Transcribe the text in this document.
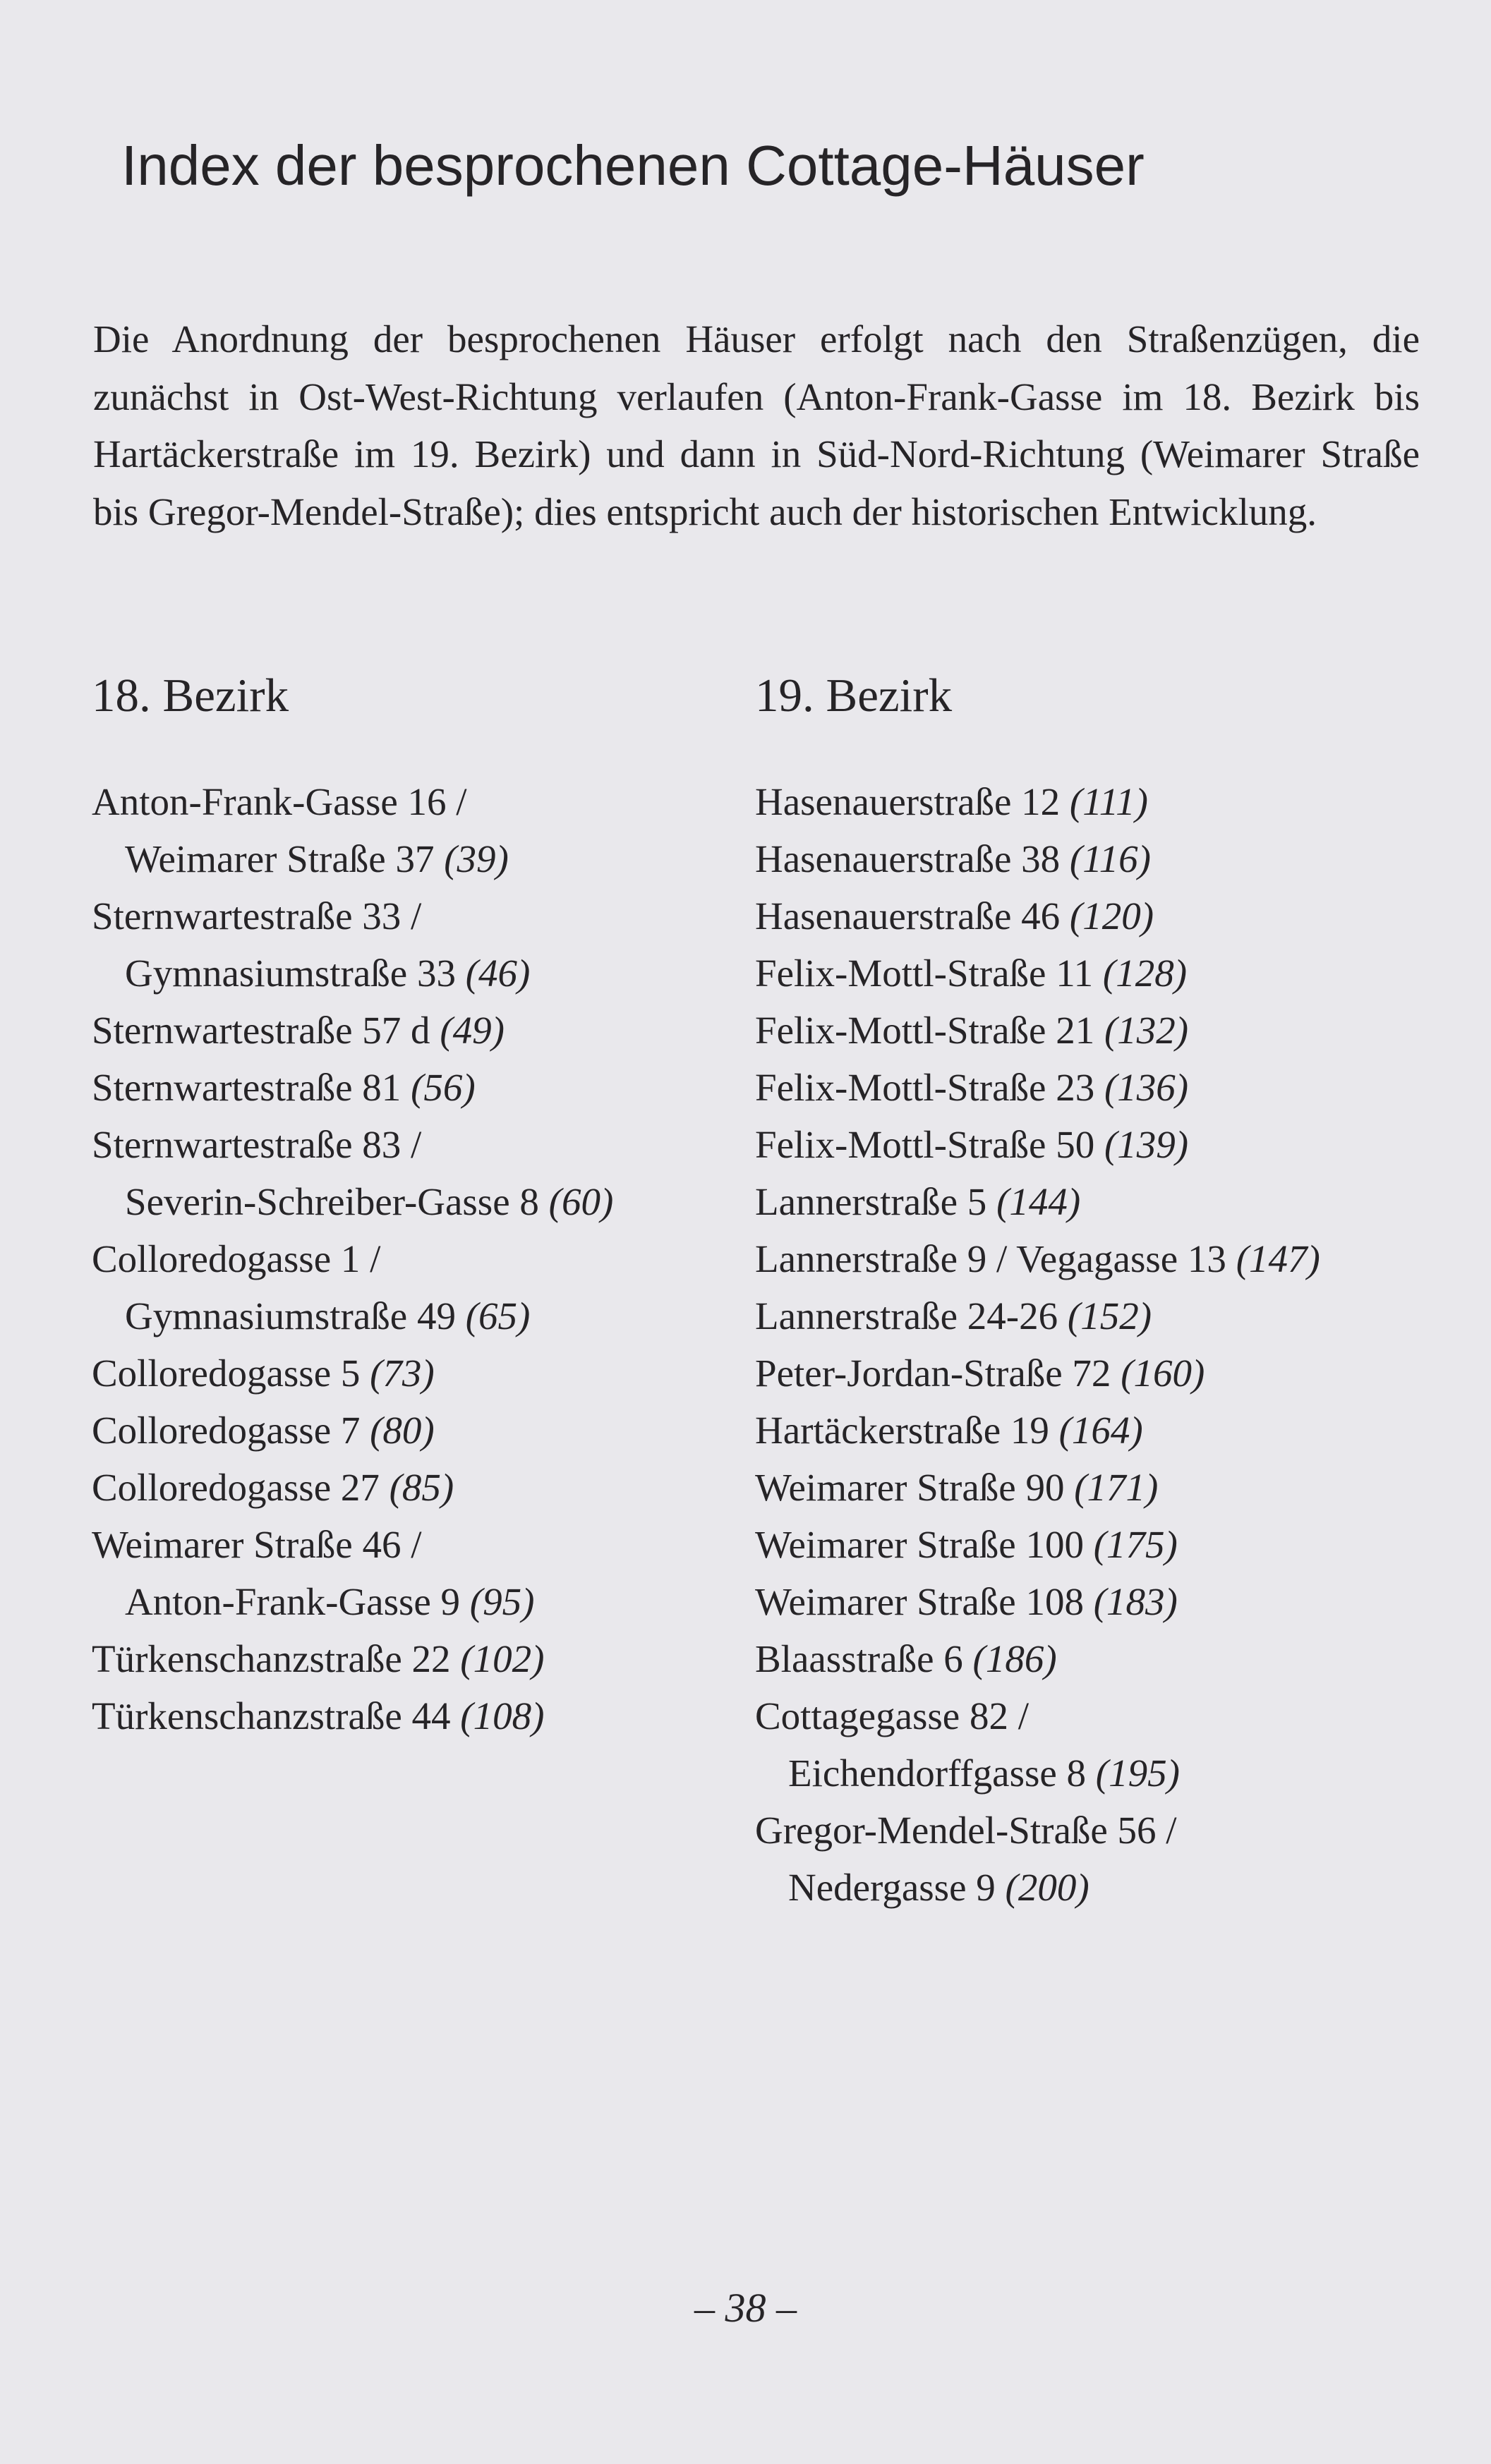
Index der besprochenen Cottage-Häuser

Die Anordnung der besprochenen Häuser erfolgt nach den Straßenzügen, die zunächst in Ost-West-Richtung verlaufen (Anton-Frank-Gasse im 18. Bezirk bis Hartäckerstraße im 19. Bezirk) und dann in Süd-Nord-Richtung (Weimarer Straße bis Gregor-Mendel-Straße); dies entspricht auch der historischen Entwicklung.

18. Bezirk
Anton-Frank-Gasse 16 /
Weimarer Straße 37 (39)
Sternwartestraße 33 /
Gymnasiumstraße 33 (46)
Sternwartestraße 57 d (49)
Sternwartestraße 81 (56)
Sternwartestraße 83 /
Severin-Schreiber-Gasse 8 (60)
Colloredogasse 1 /
Gymnasiumstraße 49 (65)
Colloredogasse 5 (73)
Colloredogasse 7 (80)
Colloredogasse 27 (85)
Weimarer Straße 46 /
Anton-Frank-Gasse 9 (95)
Türkenschanzstraße 22 (102)
Türkenschanzstraße 44 (108)
19. Bezirk
Hasenauerstraße 12 (111)
Hasenauerstraße 38 (116)
Hasenauerstraße 46 (120)
Felix-Mottl-Straße 11 (128)
Felix-Mottl-Straße 21 (132)
Felix-Mottl-Straße 23 (136)
Felix-Mottl-Straße 50 (139)
Lannerstraße 5 (144)
Lannerstraße 9 / Vegagasse 13 (147)
Lannerstraße 24-26 (152)
Peter-Jordan-Straße 72 (160)
Hartäckerstraße 19 (164)
Weimarer Straße 90 (171)
Weimarer Straße 100 (175)
Weimarer Straße 108 (183)
Blaasstraße 6 (186)
Cottagegasse 82 /
Eichendorffgasse 8 (195)
Gregor-Mendel-Straße 56 /
Nedergasse 9 (200)
– 38 –
